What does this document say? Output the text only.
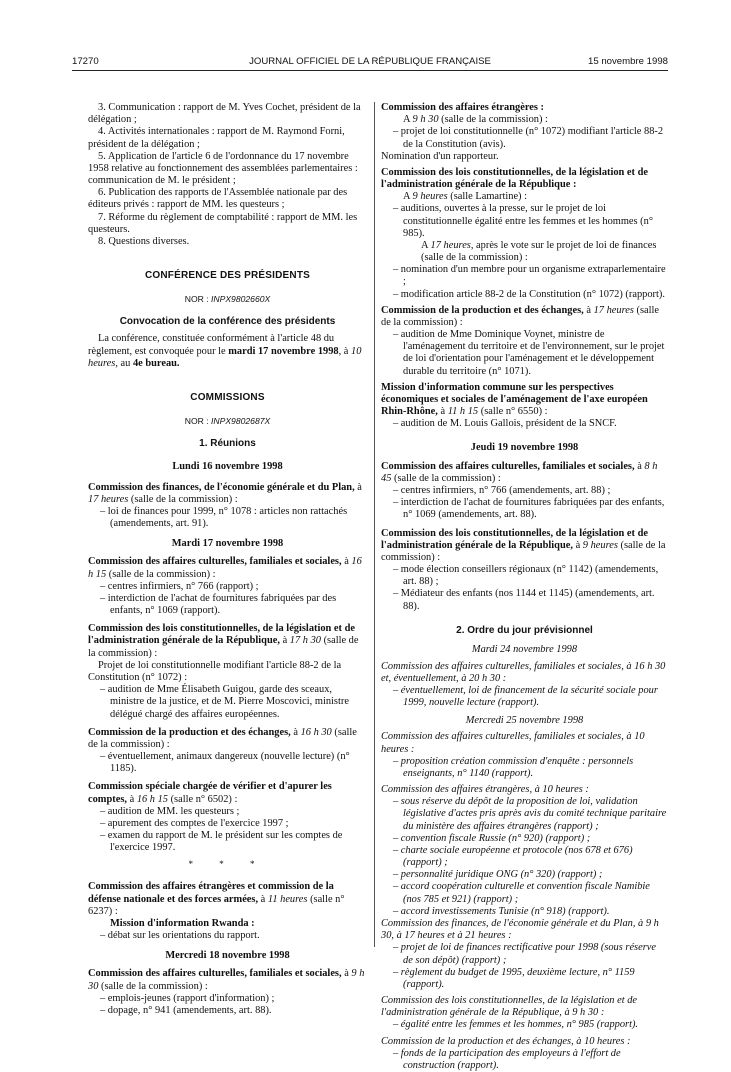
17270	JOURNAL OFFICIEL DE LA RÉPUBLIQUE FRANÇAISE	15 novembre 1998

3. Communication : rapport de M. Yves Cochet, président de la délégation ;

4. Activités internationales : rapport de M. Raymond Forni, président de la délégation ;

5. Application de l'article 6 de l'ordonnance du 17 novembre 1958 relative au fonctionnement des assemblées parlementaires : communication de M. le président ;

6. Publication des rapports de l'Assemblée nationale par des éditeurs privés : rapport de MM. les questeurs ;

7. Réforme du règlement de comptabilité : rapport de MM. les questeurs.

8. Questions diverses.

CONFÉRENCE DES PRÉSIDENTS

NOR : INPX9802660X

Convocation de la conférence des présidents

La conférence, constituée conformément à l'article 48 du règlement, est convoquée pour le mardi 17 novembre 1998, à 10 heures, au 4e bureau.

COMMISSIONS

NOR : INPX9802687X

1. Réunions

Lundi 16 novembre 1998

Commission des finances, de l'économie générale et du Plan, à 17 heures (salle de la commission) :

– loi de finances pour 1999, n° 1078 : articles non rattachés (amendements, art. 91).

Mardi 17 novembre 1998

Commission des affaires culturelles, familiales et sociales, à 16 h 15 (salle de la commission) :

– centres infirmiers, n° 766 (rapport) ;

– interdiction de l'achat de fournitures fabriquées par des enfants, n° 1069 (rapport).

Commission des lois constitutionnelles, de la législation et de l'administration générale de la République, à 17 h 30 (salle de la commission) :

Projet de loi constitutionnelle modifiant l'article 88-2 de la Constitution (n° 1072) :

– audition de Mme Élisabeth Guigou, garde des sceaux, ministre de la justice, et de M. Pierre Moscovici, ministre délégué chargé des affaires européennes.

Commission de la production et des échanges, à 16 h 30 (salle de la commission) :

– éventuellement, animaux dangereux (nouvelle lecture) (n° 1185).

Commission spéciale chargée de vérifier et d'apurer les comptes, à 16 h 15 (salle n° 6502) :

– audition de MM. les questeurs ;

– apurement des comptes de l'exercice 1997 ;

– examen du rapport de M. le président sur les comptes de l'exercice 1997.

* * *

Commission des affaires étrangères et commission de la défense nationale et des forces armées, à 11 heures (salle n° 6237) :

Mission d'information Rwanda :

– débat sur les orientations du rapport.

Mercredi 18 novembre 1998

Commission des affaires culturelles, familiales et sociales, à 9 h 30 (salle de la commission) :

– emplois-jeunes (rapport d'information) ;

– dopage, n° 941 (amendements, art. 88).

Commission des affaires étrangères :

A 9 h 30 (salle de la commission) :

– projet de loi constitutionnelle (n° 1072) modifiant l'article 88-2 de la Constitution (avis).

Nomination d'un rapporteur.

Commission des lois constitutionnelles, de la législation et de l'administration générale de la République :

A 9 heures (salle Lamartine) :

– auditions, ouvertes à la presse, sur le projet de loi constitutionnelle égalité entre les femmes et les hommes (n° 985).

A 17 heures, après le vote sur le projet de loi de finances (salle de la commission) :

– nomination d'un membre pour un organisme extraparlementaire ;

– modification article 88-2 de la Constitution (n° 1072) (rapport).

Commission de la production et des échanges, à 17 heures (salle de la commission) :

– audition de Mme Dominique Voynet, ministre de l'aménagement du territoire et de l'environnement, sur le projet de loi d'orientation pour l'aménagement et le développement durable du territoire (n° 1071).

Mission d'information commune sur les perspectives économiques et sociales de l'aménagement de l'axe européen Rhin-Rhône, à 11 h 15 (salle n° 6550) :

– audition de M. Louis Gallois, président de la SNCF.

Jeudi 19 novembre 1998

Commission des affaires culturelles, familiales et sociales, à 8 h 45 (salle de la commission) :

– centres infirmiers, n° 766 (amendements, art. 88) ;

– interdiction de l'achat de fournitures fabriquées par des enfants, n° 1069 (amendements, art. 88).

Commission des lois constitutionnelles, de la législation et de l'administration générale de la République, à 9 heures (salle de la commission) :

– mode élection conseillers régionaux (n° 1142) (amendements, art. 88) ;

– Médiateur des enfants (nos 1144 et 1145) (amendements, art. 88).

2. Ordre du jour prévisionnel

Mardi 24 novembre 1998

Commission des affaires culturelles, familiales et sociales, à 16 h 30 et, éventuellement, à 20 h 30 :

– éventuellement, loi de financement de la sécurité sociale pour 1999, nouvelle lecture (rapport).

Mercredi 25 novembre 1998

Commission des affaires culturelles, familiales et sociales, à 10 heures :

– proposition création commission d'enquête : personnels enseignants, n° 1140 (rapport).

Commission des affaires étrangères, à 10 heures :

– sous réserve du dépôt de la proposition de loi, validation législative d'actes pris après avis du comité technique paritaire du ministère des affaires étrangères (rapport) ;

– convention fiscale Russie (n° 920) (rapport) ;

– charte sociale européenne et protocole (nos 678 et 676) (rapport) ;

– personnalité juridique ONG (n° 320) (rapport) ;

– accord coopération culturelle et convention fiscale Namibie (nos 785 et 921) (rapport) ;

– accord investissements Tunisie (n° 918) (rapport).

Commission des finances, de l'économie générale et du Plan, à 9 h 30, à 17 heures et à 21 heures :

– projet de loi de finances rectificative pour 1998 (sous réserve de son dépôt) (rapport) ;

– règlement du budget de 1995, deuxième lecture, n° 1159 (rapport).

Commission des lois constitutionnelles, de la législation et de l'administration générale de la République, à 9 h 30 :

– égalité entre les femmes et les hommes, n° 985 (rapport).

Commission de la production et des échanges, à 10 heures :

– fonds de la participation des employeurs à l'effort de construction (rapport).
